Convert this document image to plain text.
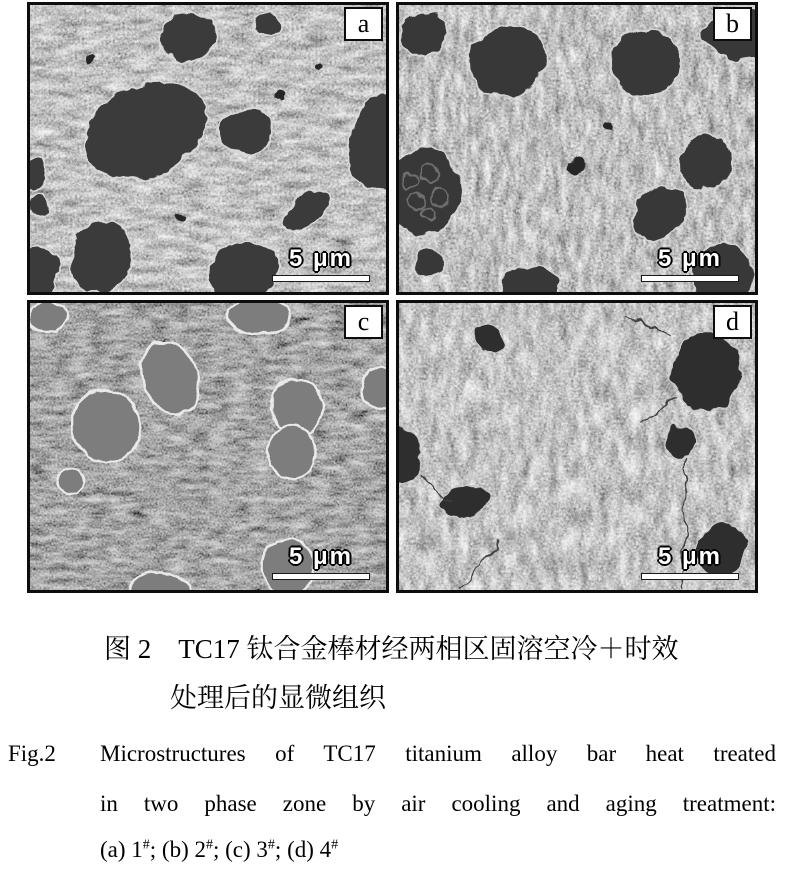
a
5 μm
b
5 μm
c
5 μm
d
5 μm
图 2　TC17 钛合金棒材经两相区固溶空冷＋时效
处理后的显微组织
Fig.2 Microstructures of TC17 titanium alloy bar heat treated
in two phase zone by air cooling and aging treatment:
(a) 1#; (b) 2#; (c) 3#; (d) 4#
